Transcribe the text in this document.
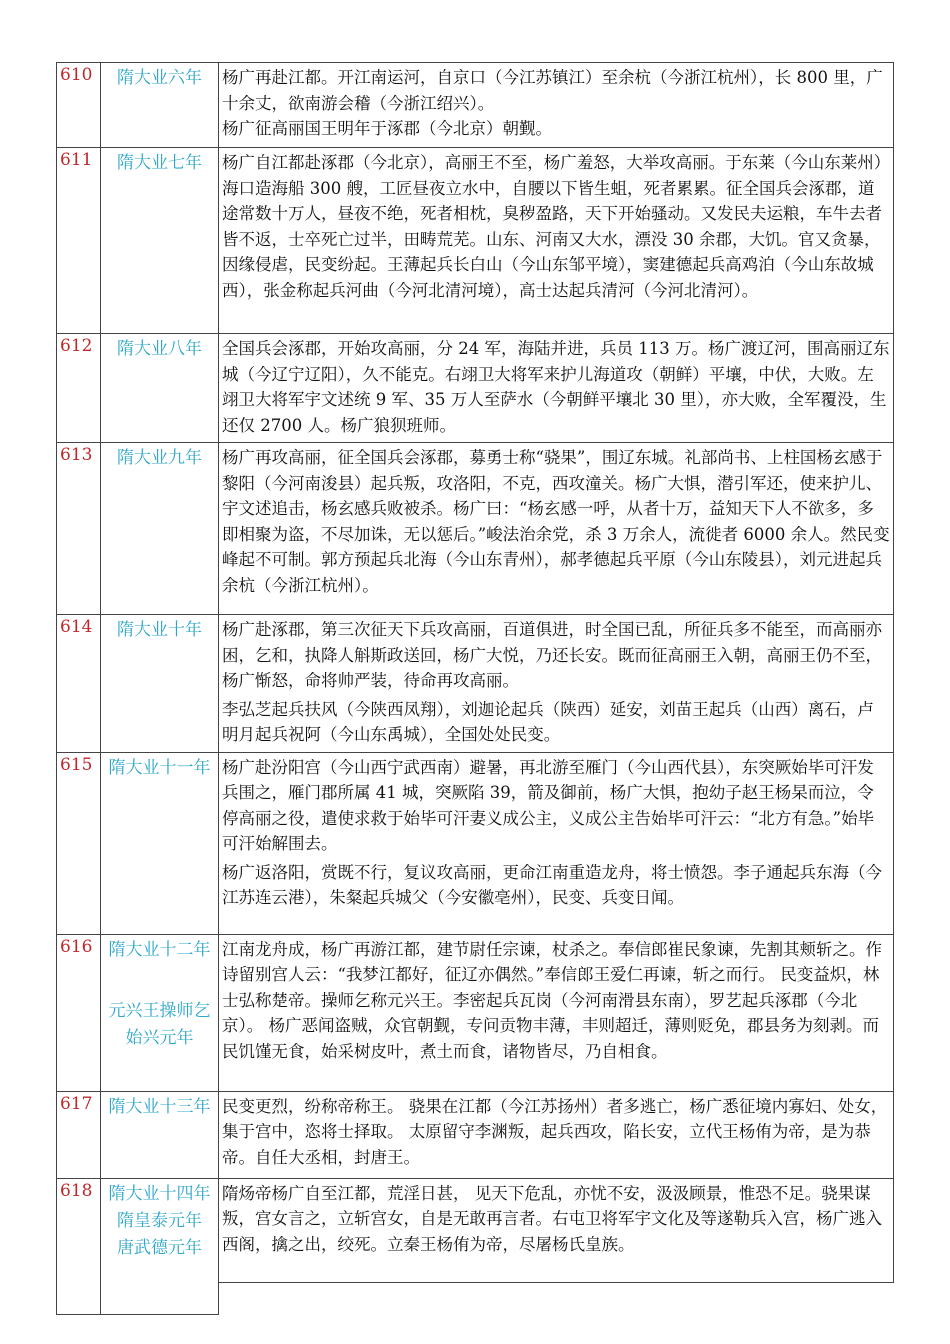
610	隋大业六年	杨广再赴江都。开江南运河，自京口（今江苏镇江）至余杭（今浙江杭州），长 800 里，广十余丈，欲南游会稽（今浙江绍兴）。

杨广征高丽国王明年于涿郡（今北京）朝觐。

611	隋大业七年	杨广自江都赴涿郡（今北京），高丽王不至，杨广羞怒，大举攻高丽。于东莱（今山东莱州）海口造海船 300 艘，工匠昼夜立水中，自腰以下皆生蛆，死者累累。征全国兵会涿郡，道途常数十万人，昼夜不绝，死者相枕，臭秽盈路，天下开始骚动。又发民夫运粮，车牛去者皆不返，士卒死亡过半，田畴荒芜。山东、河南又大水，漂没 30 余郡，大饥。官又贪暴，因缘侵虐，民变纷起。王薄起兵长白山（今山东邹平境），窦建德起兵高鸡泊（今山东故城西），张金称起兵河曲（今河北清河境），高士达起兵清河（今河北清河）。

612	隋大业八年	全国兵会涿郡，开始攻高丽，分 24 军，海陆并进，兵员 113 万。杨广渡辽河，围高丽辽东城（今辽宁辽阳），久不能克。右翊卫大将军来护儿海道攻（朝鲜）平壤，中伏，大败。左翊卫大将军宇文述统 9 军、35 万人至萨水（今朝鲜平壤北 30 里），亦大败，全军覆没，生还仅 2700 人。杨广狼狈班师。

613	隋大业九年	杨广再攻高丽，征全国兵会涿郡，募勇士称“骁果”，围辽东城。礼部尚书、上柱国杨玄感于黎阳（今河南浚县）起兵叛，攻洛阳，不克，西攻潼关。杨广大惧，潜引军还，使来护儿、宇文述追击，杨玄感兵败被杀。杨广曰：“杨玄感一呼，从者十万，益知天下人不欲多，多即相聚为盗，不尽加诛，无以惩后。”峻法治余党，杀 3 万余人，流徙者 6000 余人。然民变峰起不可制。郭方预起兵北海（今山东青州），郝孝德起兵平原（今山东陵县），刘元进起兵余杭（今浙江杭州）。

614	隋大业十年	杨广赴涿郡，第三次征天下兵攻高丽，百道俱进，时全国已乱，所征兵多不能至，而高丽亦困，乞和，执降人斛斯政送回，杨广大悦，乃还长安。既而征高丽王入朝，高丽王仍不至，杨广惭怒，命将帅严装，待命再攻高丽。

李弘芝起兵扶风（今陕西凤翔），刘迦论起兵（陕西）延安，刘苗王起兵（山西）离石，卢明月起兵祝阿（今山东禹城），全国处处民变。

615	隋大业十一年	杨广赴汾阳宫（今山西宁武西南）避暑，再北游至雁门（今山西代县），东突厥始毕可汗发兵围之，雁门郡所属 41 城，突厥陷 39，箭及御前，杨广大惧，抱幼子赵王杨杲而泣，令停高丽之役，遣使求救于始毕可汗妻义成公主，义成公主告始毕可汗云：“北方有急。”始毕可汗始解围去。

杨广返洛阳，赏既不行，复议攻高丽，更命江南重造龙舟，将士愤怨。李子通起兵东海（今江苏连云港），朱粲起兵城父（今安徽亳州），民变、兵变日闻。

616	隋大业十二年
元兴王操师乞
始兴元年	江南龙舟成，杨广再游江都，建节尉任宗谏，杖杀之。奉信郎崔民象谏，先割其颊斩之。作诗留别宫人云：“我梦江都好，征辽亦偶然。”奉信郎王爱仁再谏，斩之而行。 民变益炽，林士弘称楚帝。操师乞称元兴王。李密起兵瓦岗（今河南滑县东南），罗艺起兵涿郡（今北京）。 杨广恶闻盗贼，众官朝觐，专问贡物丰薄，丰则超迁，薄则贬免，郡县务为刻剥。而民饥馑无食，始采树皮叶，煮土而食，诸物皆尽，乃自相食。

617	隋大业十三年	民变更烈，纷称帝称王。 骁果在江都（今江苏扬州）者多逃亡，杨广悉征境内寡妇、处女，集于宫中，恣将士择取。 太原留守李渊叛，起兵西攻，陷长安，立代王杨侑为帝，是为恭帝。自任大丞相，封唐王。

618	隋大业十四年
隋皇泰元年
唐武德元年	隋炀帝杨广自至江都，荒淫日甚， 见天下危乱，亦忧不安，汲汲顾景，惟恐不足。骁果谋叛，宫女言之，立斩宫女，自是无敢再言者。右屯卫将军宇文化及等遂勒兵入宫，杨广逃入西阁，擒之出，绞死。立秦王杨侑为帝，尽屠杨氏皇族。
